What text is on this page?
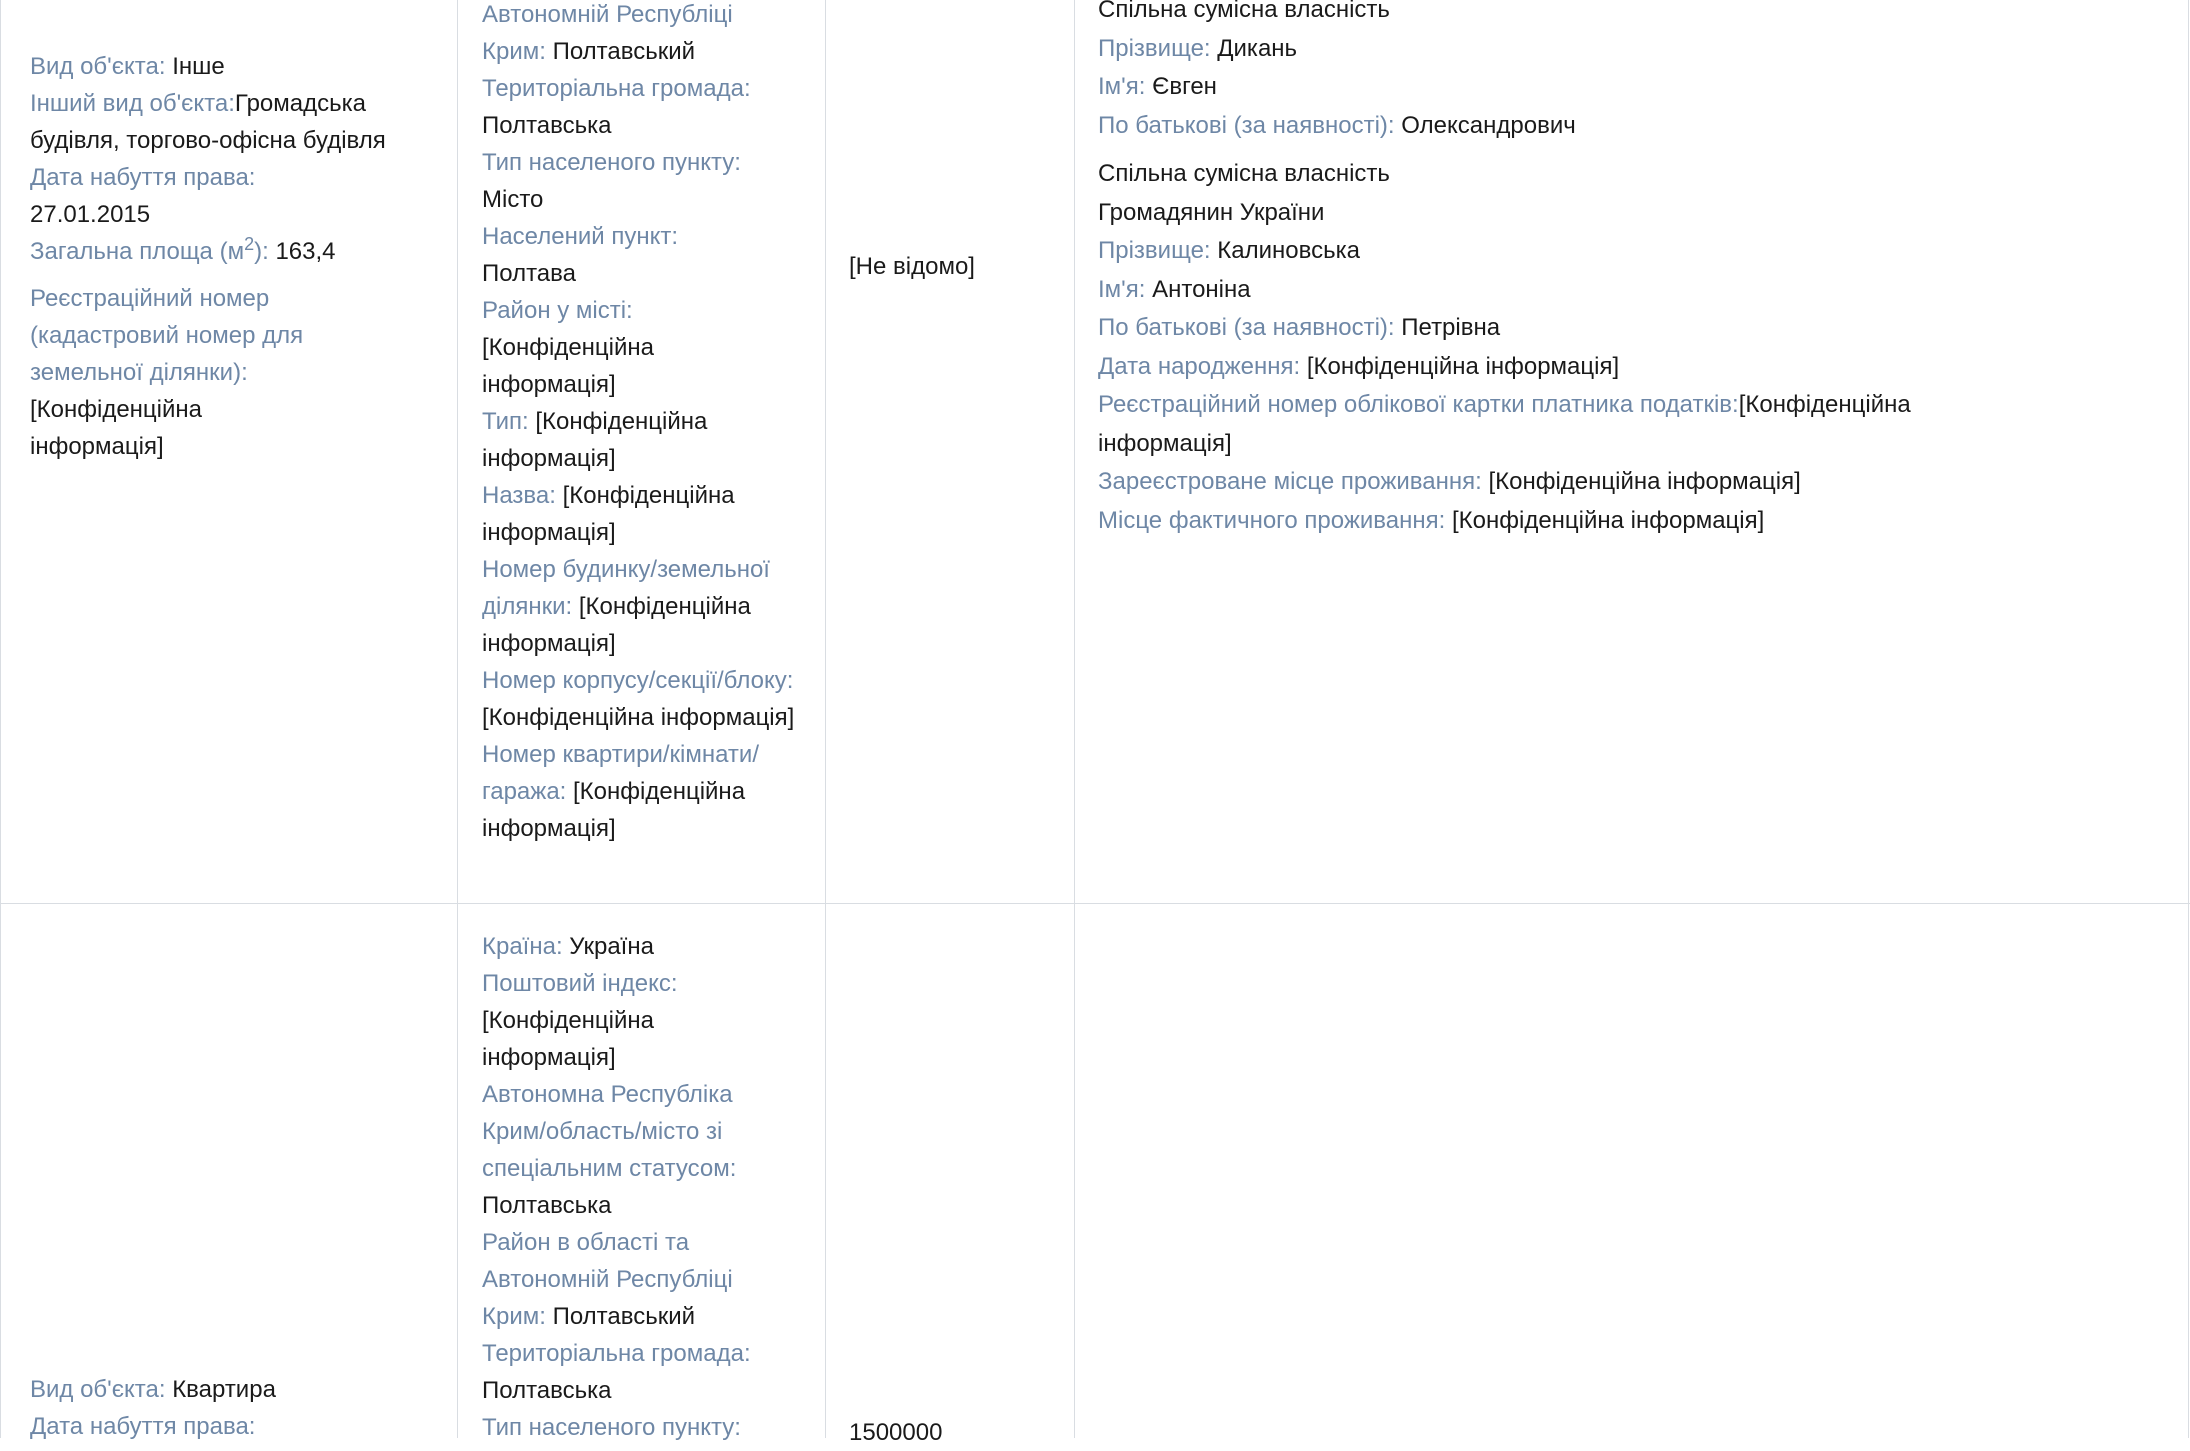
Вид об'єкта: Інше
Інший вид об'єкта:Громадська будівля, торгово-офісна будівля
Дата набуття права:
27.01.2015
Загальна площа $(м^2)$: 163,4
Реєстраційний номер (кадастровий номер для земельної ділянки):
[Конфіденційна інформація]
Автономній Республіці Крим: Полтавський
Територіальна громада:
Полтавська
Тип населеного пункту:
Місто
Населений пункт:
Полтава
Район у місті:
[Конфіденційна інформація]
Тип: [Конфіденційна інформація]
Назва: [Конфіденційна інформація]
Номер будинку/земельної ділянки: [Конфіденційна інформація]
Номер корпусу/секції/блоку: [Конфіденційна інформація]
Номер квартири/кімнати/гаража: [Конфіденційна інформація]
[Не відомо]
Спільна сумісна власність
Прізвище: Дикань
Ім'я: Євген
По батькові (за наявності): Олександрович
Спільна сумісна власність
Громадянин України
Прізвище: Калиновська
Ім'я: Антоніна
По батькові (за наявності): Петрівна
Дата народження: [Конфіденційна інформація]
Реєстраційний номер облікової картки платника податків:[Конфіденційна інформація]
Зареєстроване місце проживання: [Конфіденційна інформація]
Місце фактичного проживання: [Конфіденційна інформація]
Вид об'єкта: Квартира
Дата набуття права:
Країна: Україна
Поштовий індекс:
[Конфіденційна інформація]
Автономна Республіка Крим/область/місто зі спеціальним статусом:
Полтавська
Район в області та Автономній Республіці Крим: Полтавський
Територіальна громада:
Полтавська
Тип населеного пункту:	1500000
